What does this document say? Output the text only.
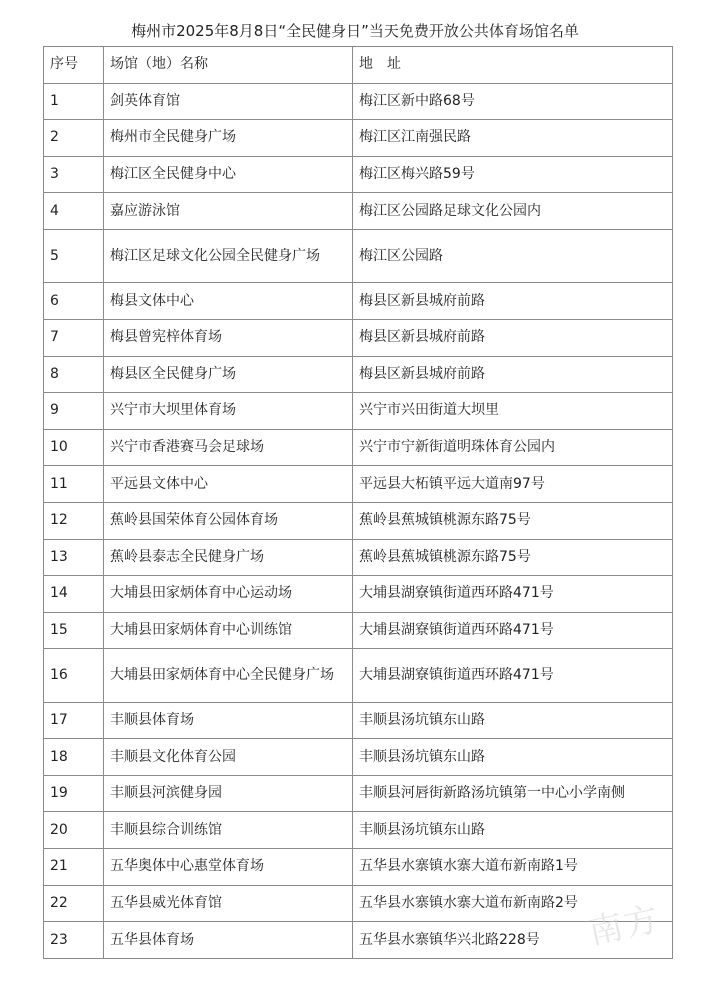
梅州市2025年8月8日“全民健身日”当天免费开放公共体育场馆名单
序号	场馆（地）名称	地　址
1	剑英体育馆	梅江区新中路68号
2	梅州市全民健身广场	梅江区江南强民路
3	梅江区全民健身中心	梅江区梅兴路59号
4	嘉应游泳馆	梅江区公园路足球文化公园内
5	梅江区足球文化公园全民健身广场	梅江区公园路
6	梅县文体中心	梅县区新县城府前路
7	梅县曾宪梓体育场	梅县区新县城府前路
8	梅县区全民健身广场	梅县区新县城府前路
9	兴宁市大坝里体育场	兴宁市兴田街道大坝里
10	兴宁市香港赛马会足球场	兴宁市宁新街道明珠体育公园内
11	平远县文体中心	平远县大柘镇平远大道南97号
12	蕉岭县国荣体育公园体育场	蕉岭县蕉城镇桃源东路75号
13	蕉岭县泰志全民健身广场	蕉岭县蕉城镇桃源东路75号
14	大埔县田家炳体育中心运动场	大埔县湖寮镇街道西环路471号
15	大埔县田家炳体育中心训练馆	大埔县湖寮镇街道西环路471号
16	大埔县田家炳体育中心全民健身广场	大埔县湖寮镇街道西环路471号
17	丰顺县体育场	丰顺县汤坑镇东山路
18	丰顺县文化体育公园	丰顺县汤坑镇东山路
19	丰顺县河滨健身园	丰顺县河唇街新路汤坑镇第一中心小学南侧
20	丰顺县综合训练馆	丰顺县汤坑镇东山路
21	五华奥体中心惠堂体育场	五华县水寨镇水寨大道布新南路1号
22	五华县威光体育馆	五华县水寨镇水寨大道布新南路2号
23	五华县体育场	五华县水寨镇华兴北路228号 南方
